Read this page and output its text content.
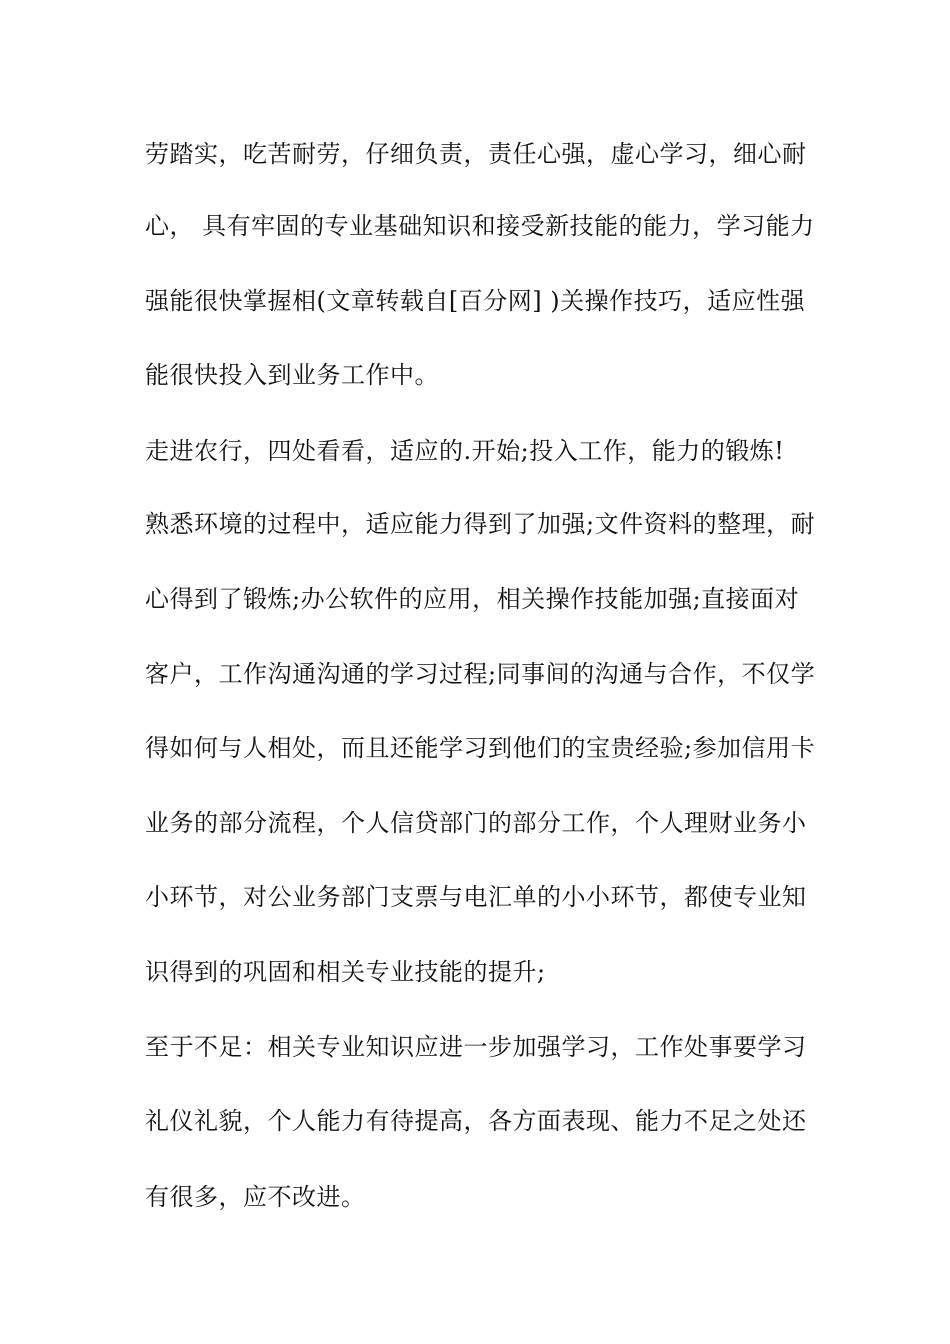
劳踏实，吃苦耐劳，仔细负责，责任心强，虚心学习，细心耐
心， 具有牢固的专业基础知识和接受新技能的能力，学习能力
强能很快掌握相(文章转载自[百分网] )关操作技巧，适应性强
能很快投入到业务工作中。
走进农行，四处看看，适应的.开始;投入工作，能力的锻炼!
熟悉环境的过程中，适应能力得到了加强;文件资料的整理，耐
心得到了锻炼;办公软件的应用，相关操作技能加强;直接面对
客户，工作沟通沟通的学习过程;同事间的沟通与合作，不仅学
得如何与人相处，而且还能学习到他们的宝贵经验;参加信用卡
业务的部分流程，个人信贷部门的部分工作，个人理财业务小
小环节，对公业务部门支票与电汇单的小小环节，都使专业知
识得到的巩固和相关专业技能的提升;
至于不足：相关专业知识应进一步加强学习，工作处事要学习
礼仪礼貌，个人能力有待提高，各方面表现、能力不足之处还
有很多，应不改进。
